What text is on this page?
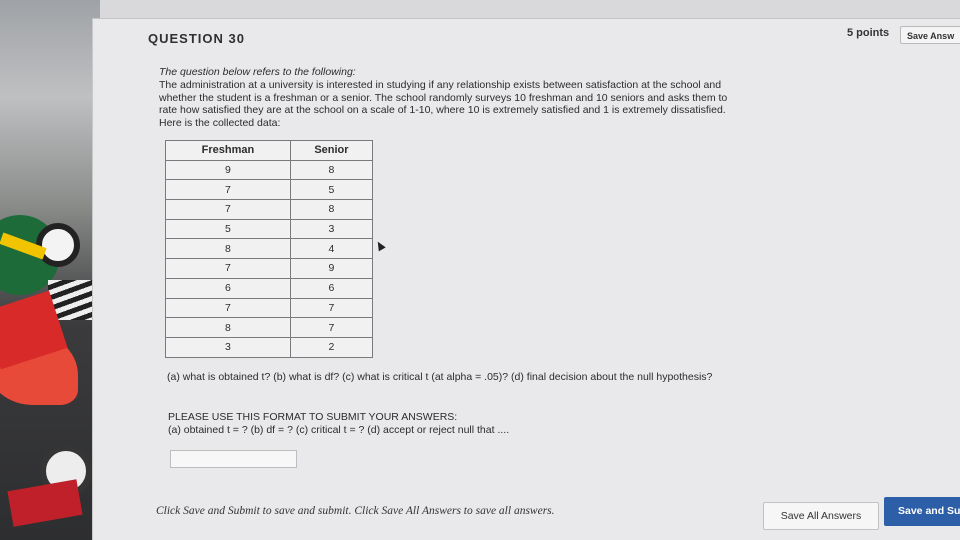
QUESTION 30	5 points	Save Answ

The question below refers to the following:

The administration at a university is interested in studying if any relationship exists between satisfaction at the school and

whether the student is a freshman or a senior. The school randomly surveys 10 freshman and 10 seniors and asks them to

rate how satisfied they are at the school on a scale of 1-10, where 10 is extremely satisfied and 1 is extremely dissatisfied.

Here is the collected data:

Freshman	Senior
9	8
7	5
7	8
5	3
8	4
7	9
6	6
7	7
8	7
3	2
(a) what is obtained t? (b) what is df? (c) what is critical t (at alpha = .05)? (d) final decision about the null hypothesis?
PLEASE USE THIS FORMAT TO SUBMIT YOUR ANSWERS:
(a) obtained t = ? (b) df = ? (c) critical t = ? (d) accept or reject null that ....
Click Save and Submit to save and submit. Click Save All Answers to save all answers.	Save All Answers	Save and Su
